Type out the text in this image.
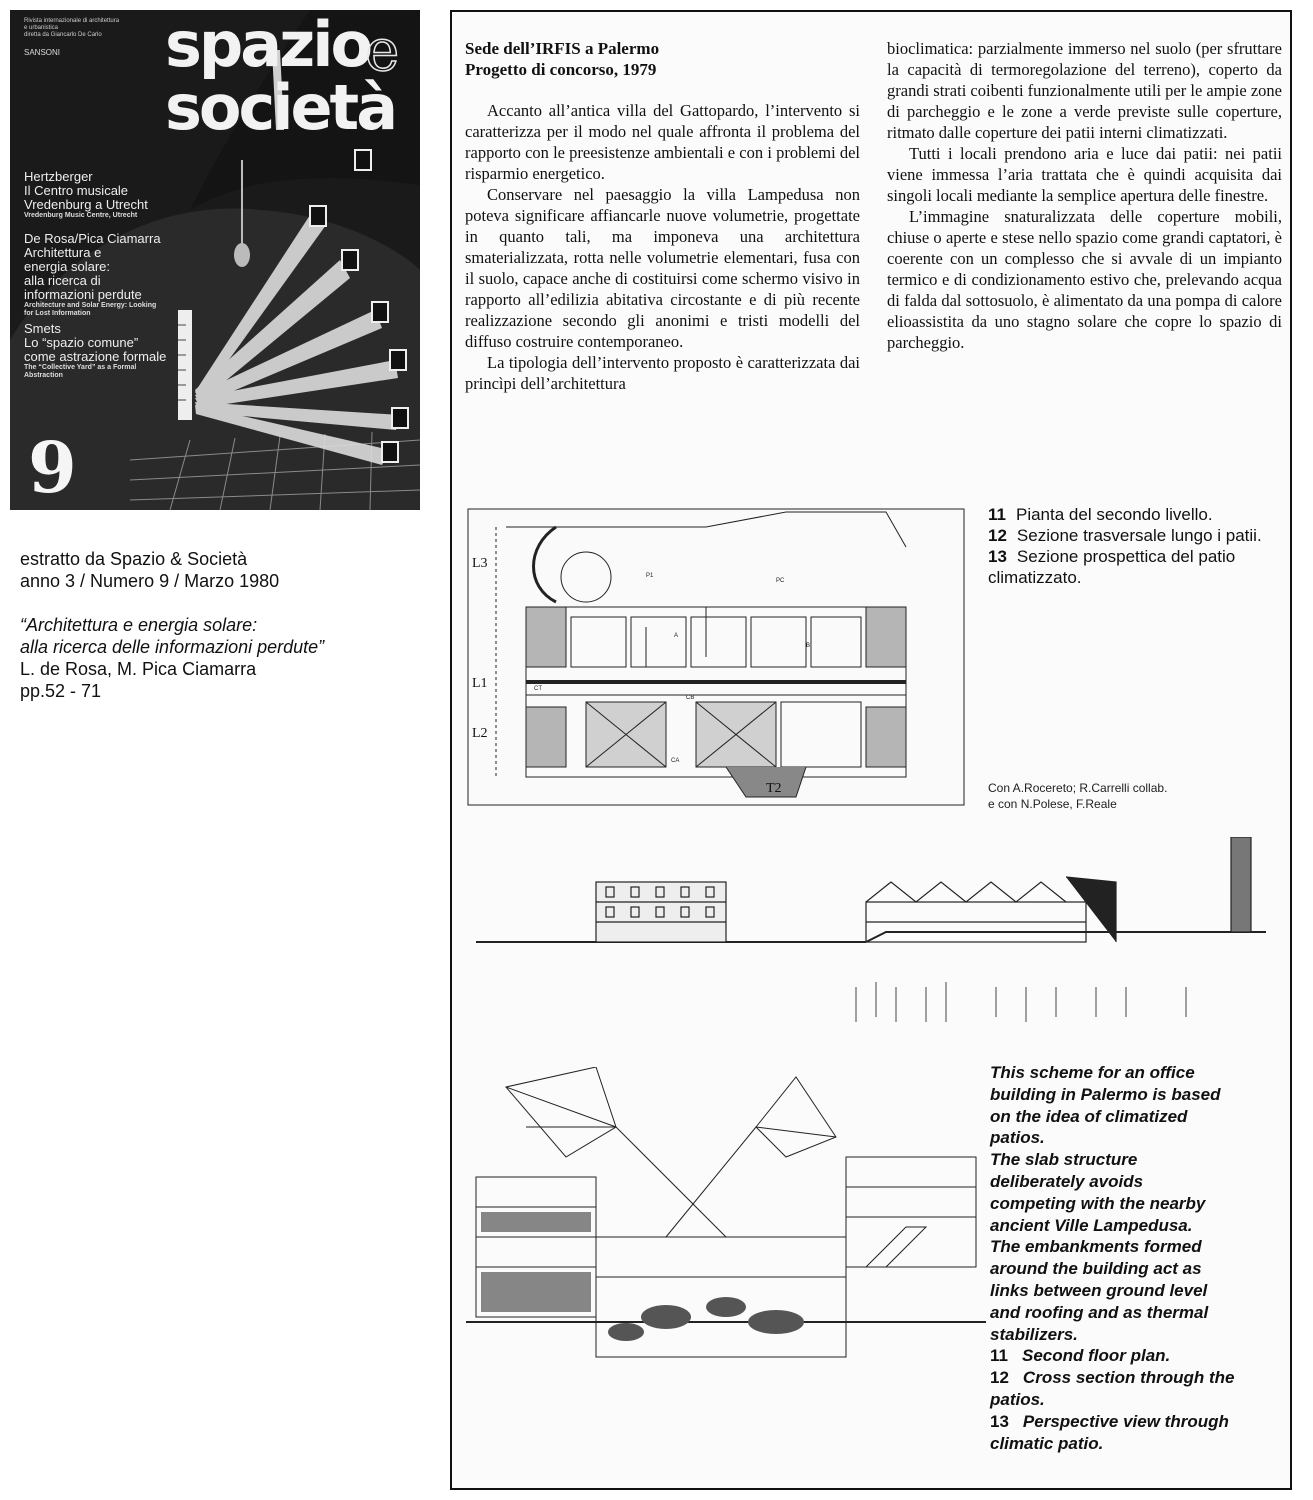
Rivista internazionale di architettura
e urbanistica
diretta da Giancarlo De Carlo
SANSONI spazio
e
società
Hertzberger
Il Centro musicale
Vredenburg a Utrecht
Vredenburg Music Centre, Utrecht
De Rosa/Pica Ciamarra
Architettura e
energia solare:
alla ricerca di
informazioni perdute
Architecture and Solar Energy: Looking
for Lost Information
Smets
Lo “spazio comune”
come astrazione formale
The “Collective Yard” as a Formal
Abstraction
9

estratto da Spazio & Società

anno 3 / Numero 9 / Marzo 1980

“Architettura e energia solare:

alla ricerca delle informazioni perdute”

L. de Rosa, M. Pica Ciamarra

pp.52 - 71

Sede dell’IRFIS a Palermo
Progetto di concorso, 1979

Accanto all’antica villa del Gattopardo, l’intervento si caratterizza per il modo nel quale affronta il problema del rapporto con le preesistenze ambientali e con i problemi del risparmio energetico.

Conservare nel paesaggio la villa Lampedusa non poteva significare affiancarle nuove volumetrie, progettate in quanto tali, ma imponeva una architettura smaterializzata, rotta nelle volumetrie elementari, fusa con il suolo, capace anche di costituirsi come schermo visivo in rapporto all’edilizia abitativa circostante e di più recente realizzazione secondo gli anonimi e tristi modelli del diffuso costruire contemporaneo.

La tipologia dell’intervento proposto è caratterizzata dai princìpi dell’architettura

bioclimatica: parzialmente immerso nel suolo (per sfruttare la capacità di termoregolazione del terreno), coperto da grandi strati coibenti funzionalmente utili per le ampie zone di parcheggio e le zone a verde previste sulle coperture, ritmato dalle coperture dei patii interni climatizzati.

Tutti i locali prendono aria e luce dai patii: nei patii viene immessa l’aria trattata che è quindi acquisita dai singoli locali mediante la semplice apertura delle finestre.

L’immagine snaturalizzata delle coperture mobili, chiuse o aperte e stese nello spazio come grandi captatori, è coerente con un complesso che si avvale di un impianto termico e di condizionamento estivo che, prelevando acqua di falda dal sottosuolo, è alimentato da una pompa di calore elioassistita da uno stagno solare che copre lo spazio di parcheggio.

L3
L1
L2
T2
P1
PC
A
CT
CB
CA
B
11 Pianta del secondo livello.
12 Sezione trasversale lungo i patii.
13 Sezione prospettica del patio climatizzato.
Con A.Rocereto; R.Carrelli collab.
e con N.Polese, F.Reale
This scheme for an office
building in Palermo is based
on the idea of climatized
patios.
The slab structure
deliberately avoids
competing with the nearby
ancient Ville Lampedusa.
The embankments formed
around the building act as
links between ground level
and roofing and as thermal
stabilizers.
11 Second floor plan.
12 Cross section through the patios.
13 Perspective view through climatic patio.
